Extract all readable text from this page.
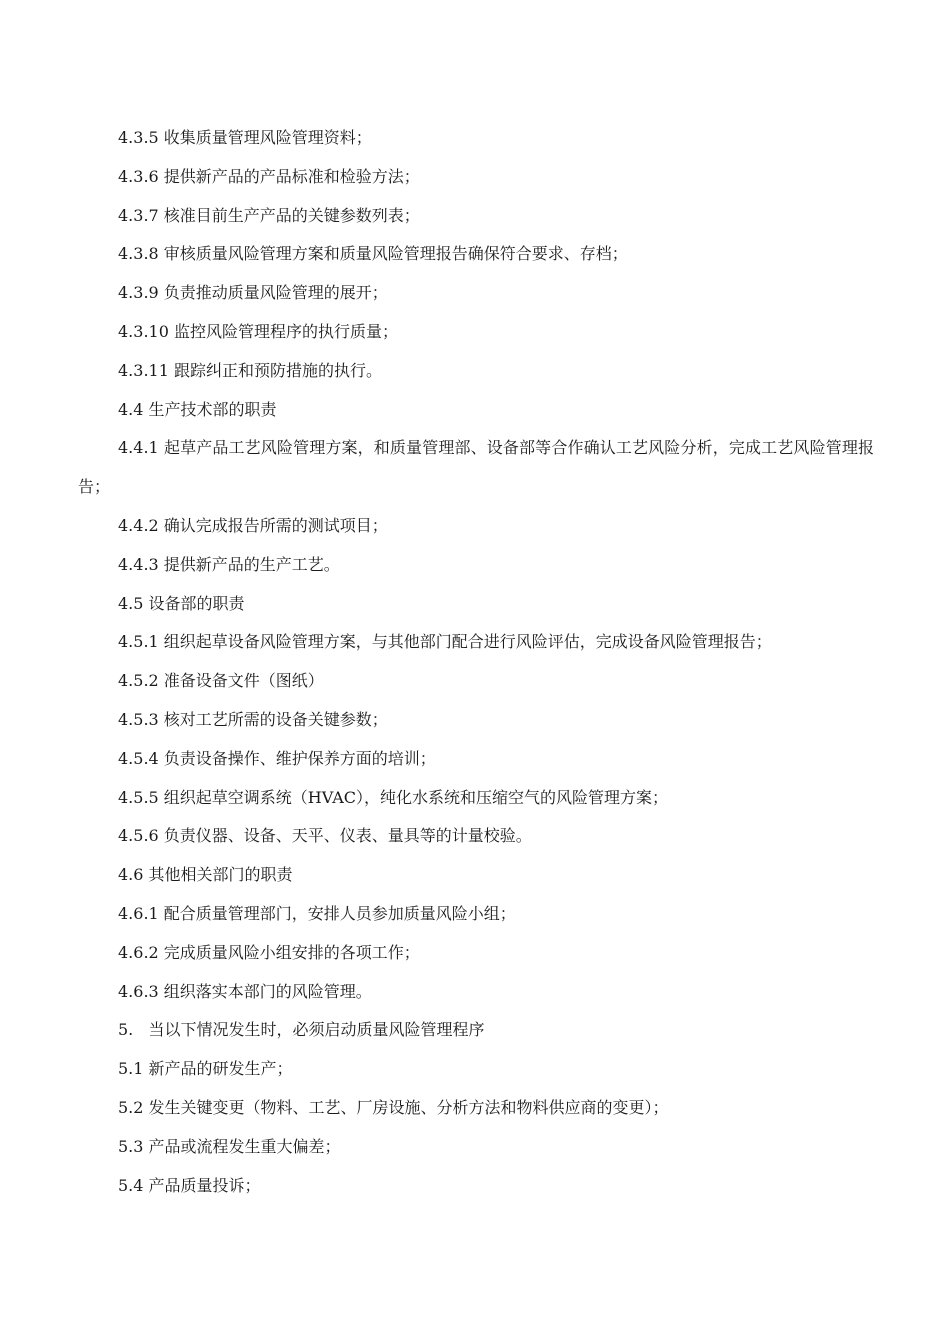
4.3.5 收集质量管理风险管理资料；

4.3.6 提供新产品的产品标准和检验方法；

4.3.7 核准目前生产产品的关键参数列表；

4.3.8 审核质量风险管理方案和质量风险管理报告确保符合要求、存档；

4.3.9 负责推动质量风险管理的展开；

4.3.10 监控风险管理程序的执行质量；

4.3.11 跟踪纠正和预防措施的执行。

4.4 生产技术部的职责

4.4.1 起草产品工艺风险管理方案，和质量管理部、设备部等合作确认工艺风险分析，完成工艺风险管理报告；

4.4.2 确认完成报告所需的测试项目；

4.4.3 提供新产品的生产工艺。

4.5 设备部的职责

4.5.1 组织起草设备风险管理方案，与其他部门配合进行风险评估，完成设备风险管理报告；

4.5.2 准备设备文件（图纸）

4.5.3 核对工艺所需的设备关键参数；

4.5.4 负责设备操作、维护保养方面的培训；

4.5.5 组织起草空调系统（HVAC），纯化水系统和压缩空气的风险管理方案；

4.5.6 负责仪器、设备、天平、仪表、量具等的计量校验。

4.6 其他相关部门的职责

4.6.1 配合质量管理部门，安排人员参加质量风险小组；

4.6.2 完成质量风险小组安排的各项工作；

4.6.3 组织落实本部门的风险管理。

5.   当以下情况发生时，必须启动质量风险管理程序

5.1 新产品的研发生产；

5.2 发生关键变更（物料、工艺、厂房设施、分析方法和物料供应商的变更）；

5.3 产品或流程发生重大偏差；

5.4 产品质量投诉；
